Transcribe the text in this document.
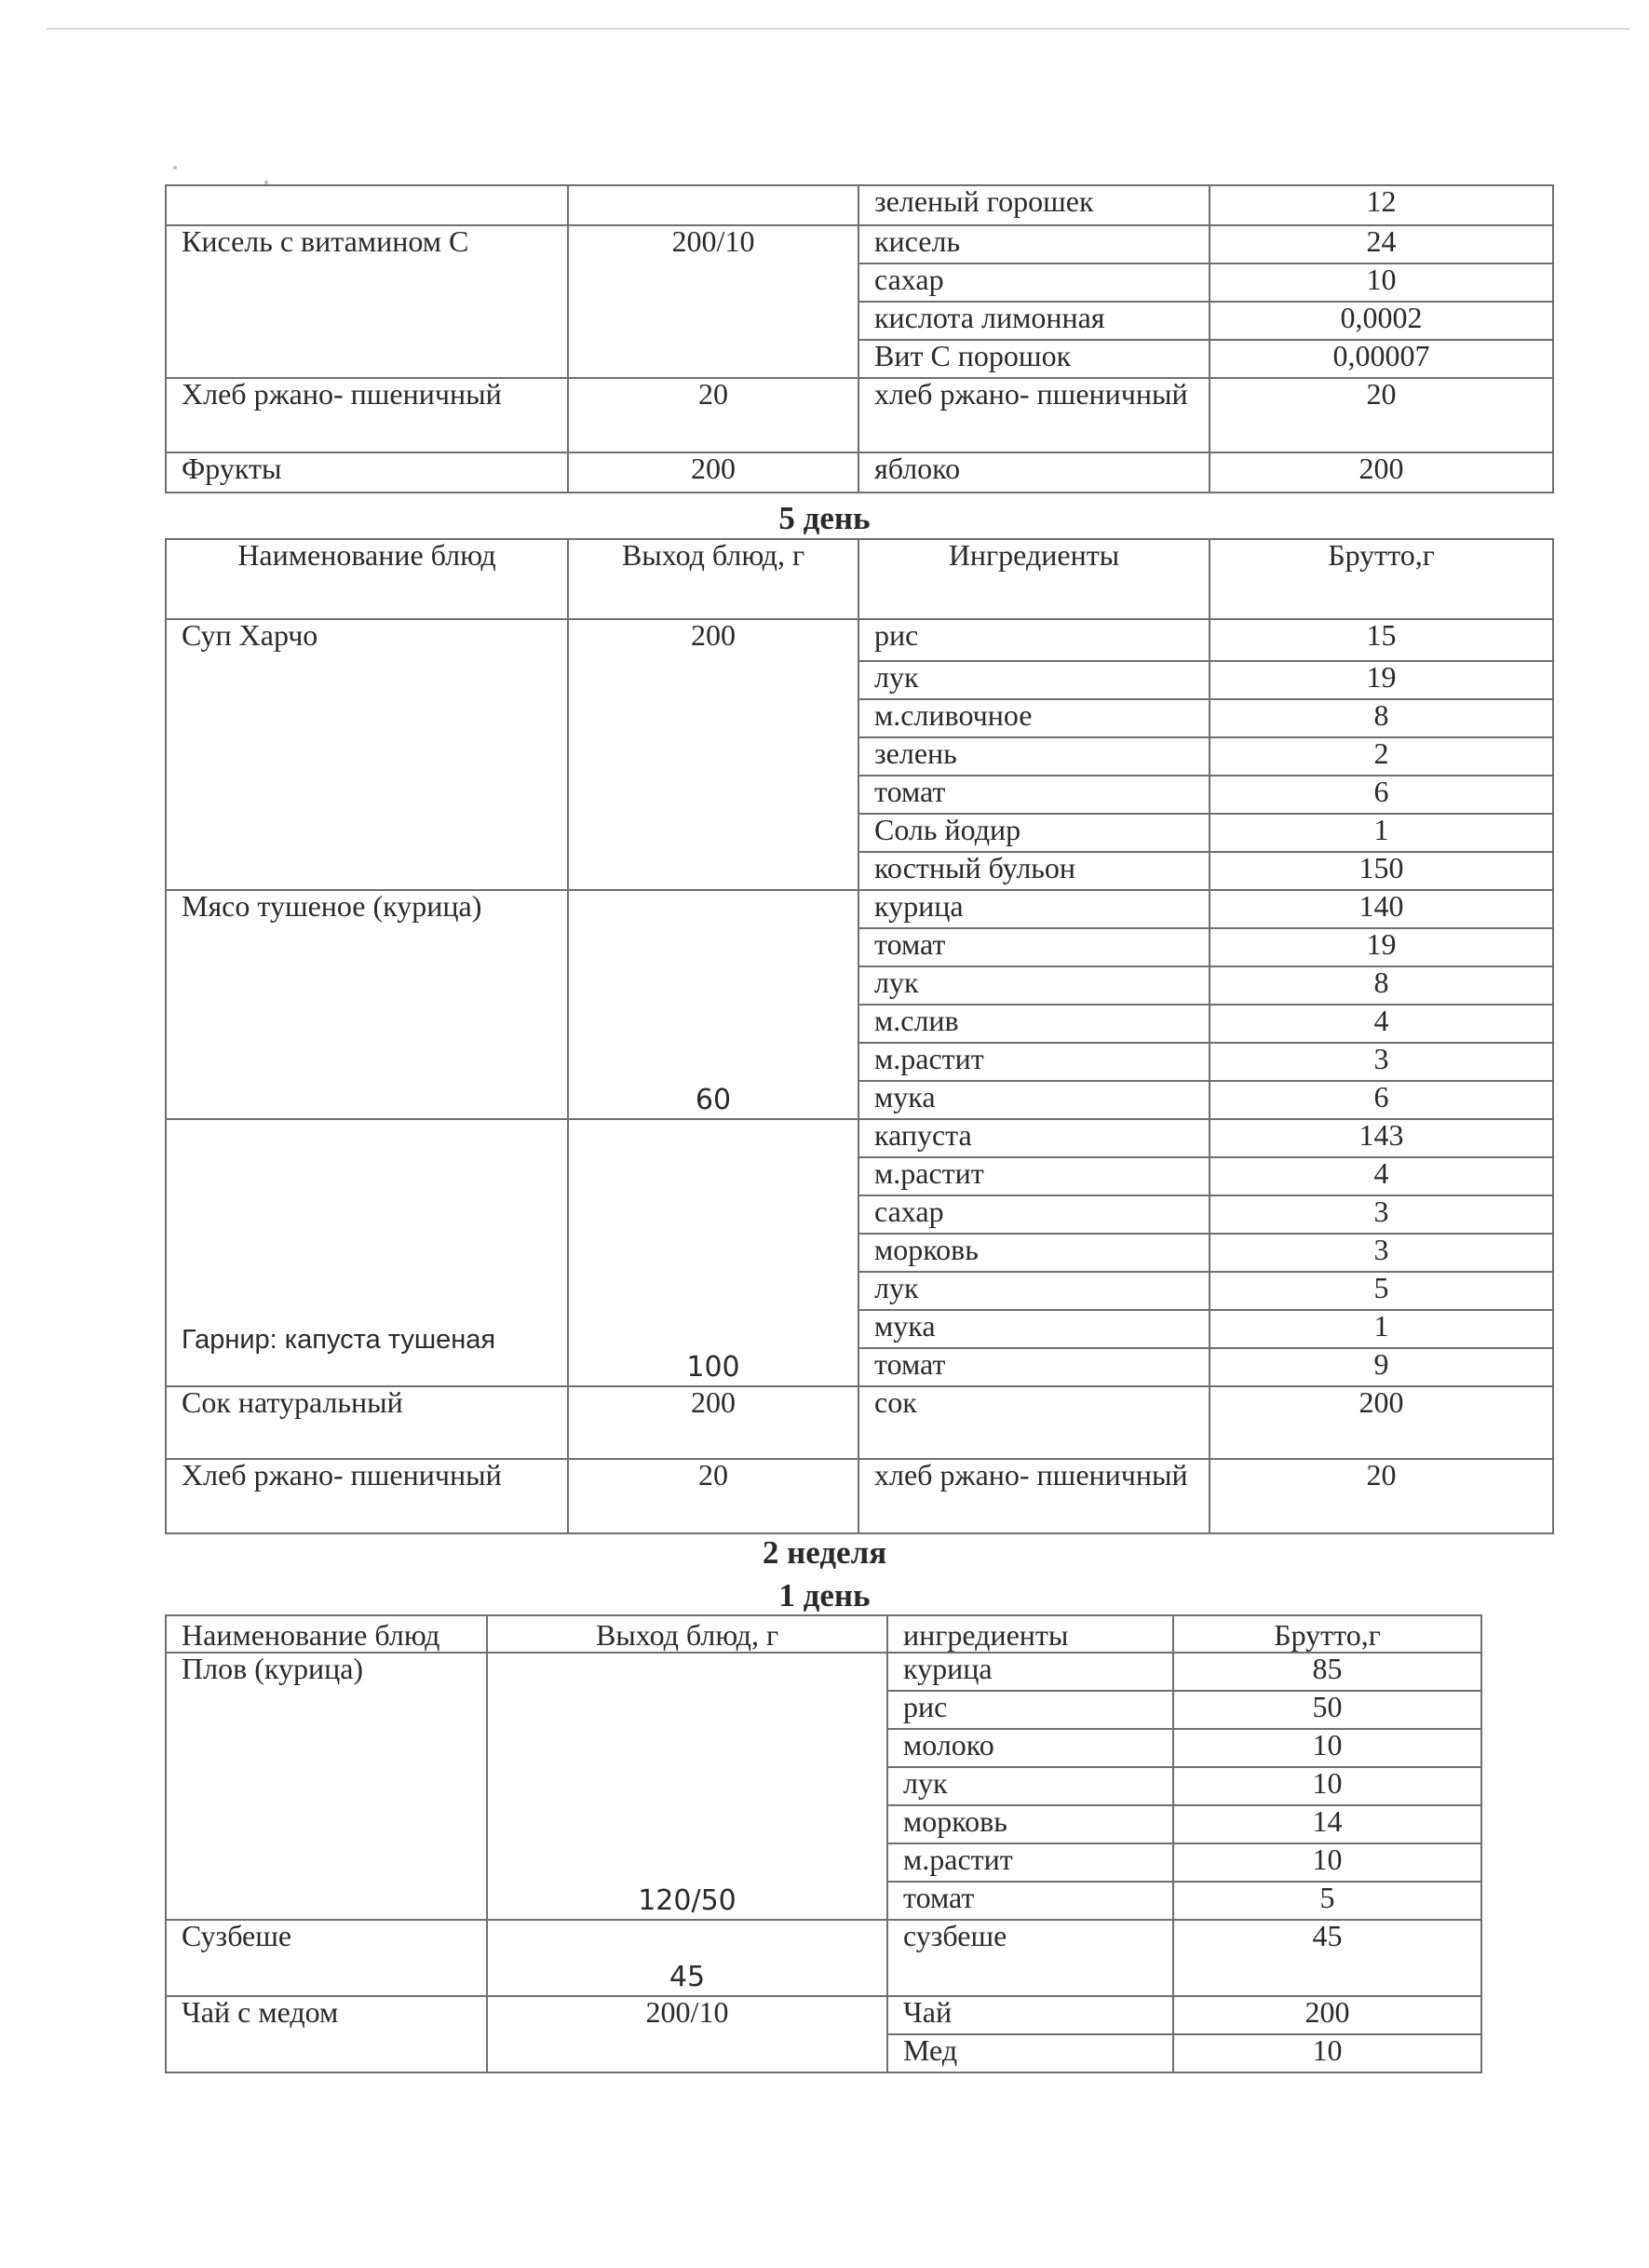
		зеленый горошек	12
Кисель с витамином С	200/10	кисель	24
		сахар	10
		кислота лимонная	0,0002
		Вит С порошок	0,00007
Хлеб ржано- пшеничный	20	хлеб ржано- пшеничный	20
Фрукты	200	яблоко	200
5 день
Наименование блюд	Выход блюд, г	Ингредиенты	Брутто,г
Суп Харчо	200	рис	15
		лук	19
		м.сливочное	8
		зелень	2
		томат	6
		Соль йодир	1
		костный бульон	150
Мясо тушеное (курица)	60	курица	140
		томат	19
		лук	8
		м.слив	4
		м.растит	3
		мука	6
Гарнир: капуста тушеная	100	капуста	143
		м.растит	4
		сахар	3
		морковь	3
		лук	5
		мука	1
		томат	9
Сок натуральный	200	сок	200
Хлеб ржано- пшеничный	20	хлеб ржано- пшеничный	20
2 неделя
1 день
Наименование блюд	Выход блюд, г	ингредиенты	Брутто,г
Плов (курица)	120/50	курица	85
		рис	50
		молоко	10
		лук	10
		морковь	14
		м.растит	10
		томат	5
Сузбеше	45	сузбеше	45
Чай с медом	200/10	Чай	200
		Мед	10
